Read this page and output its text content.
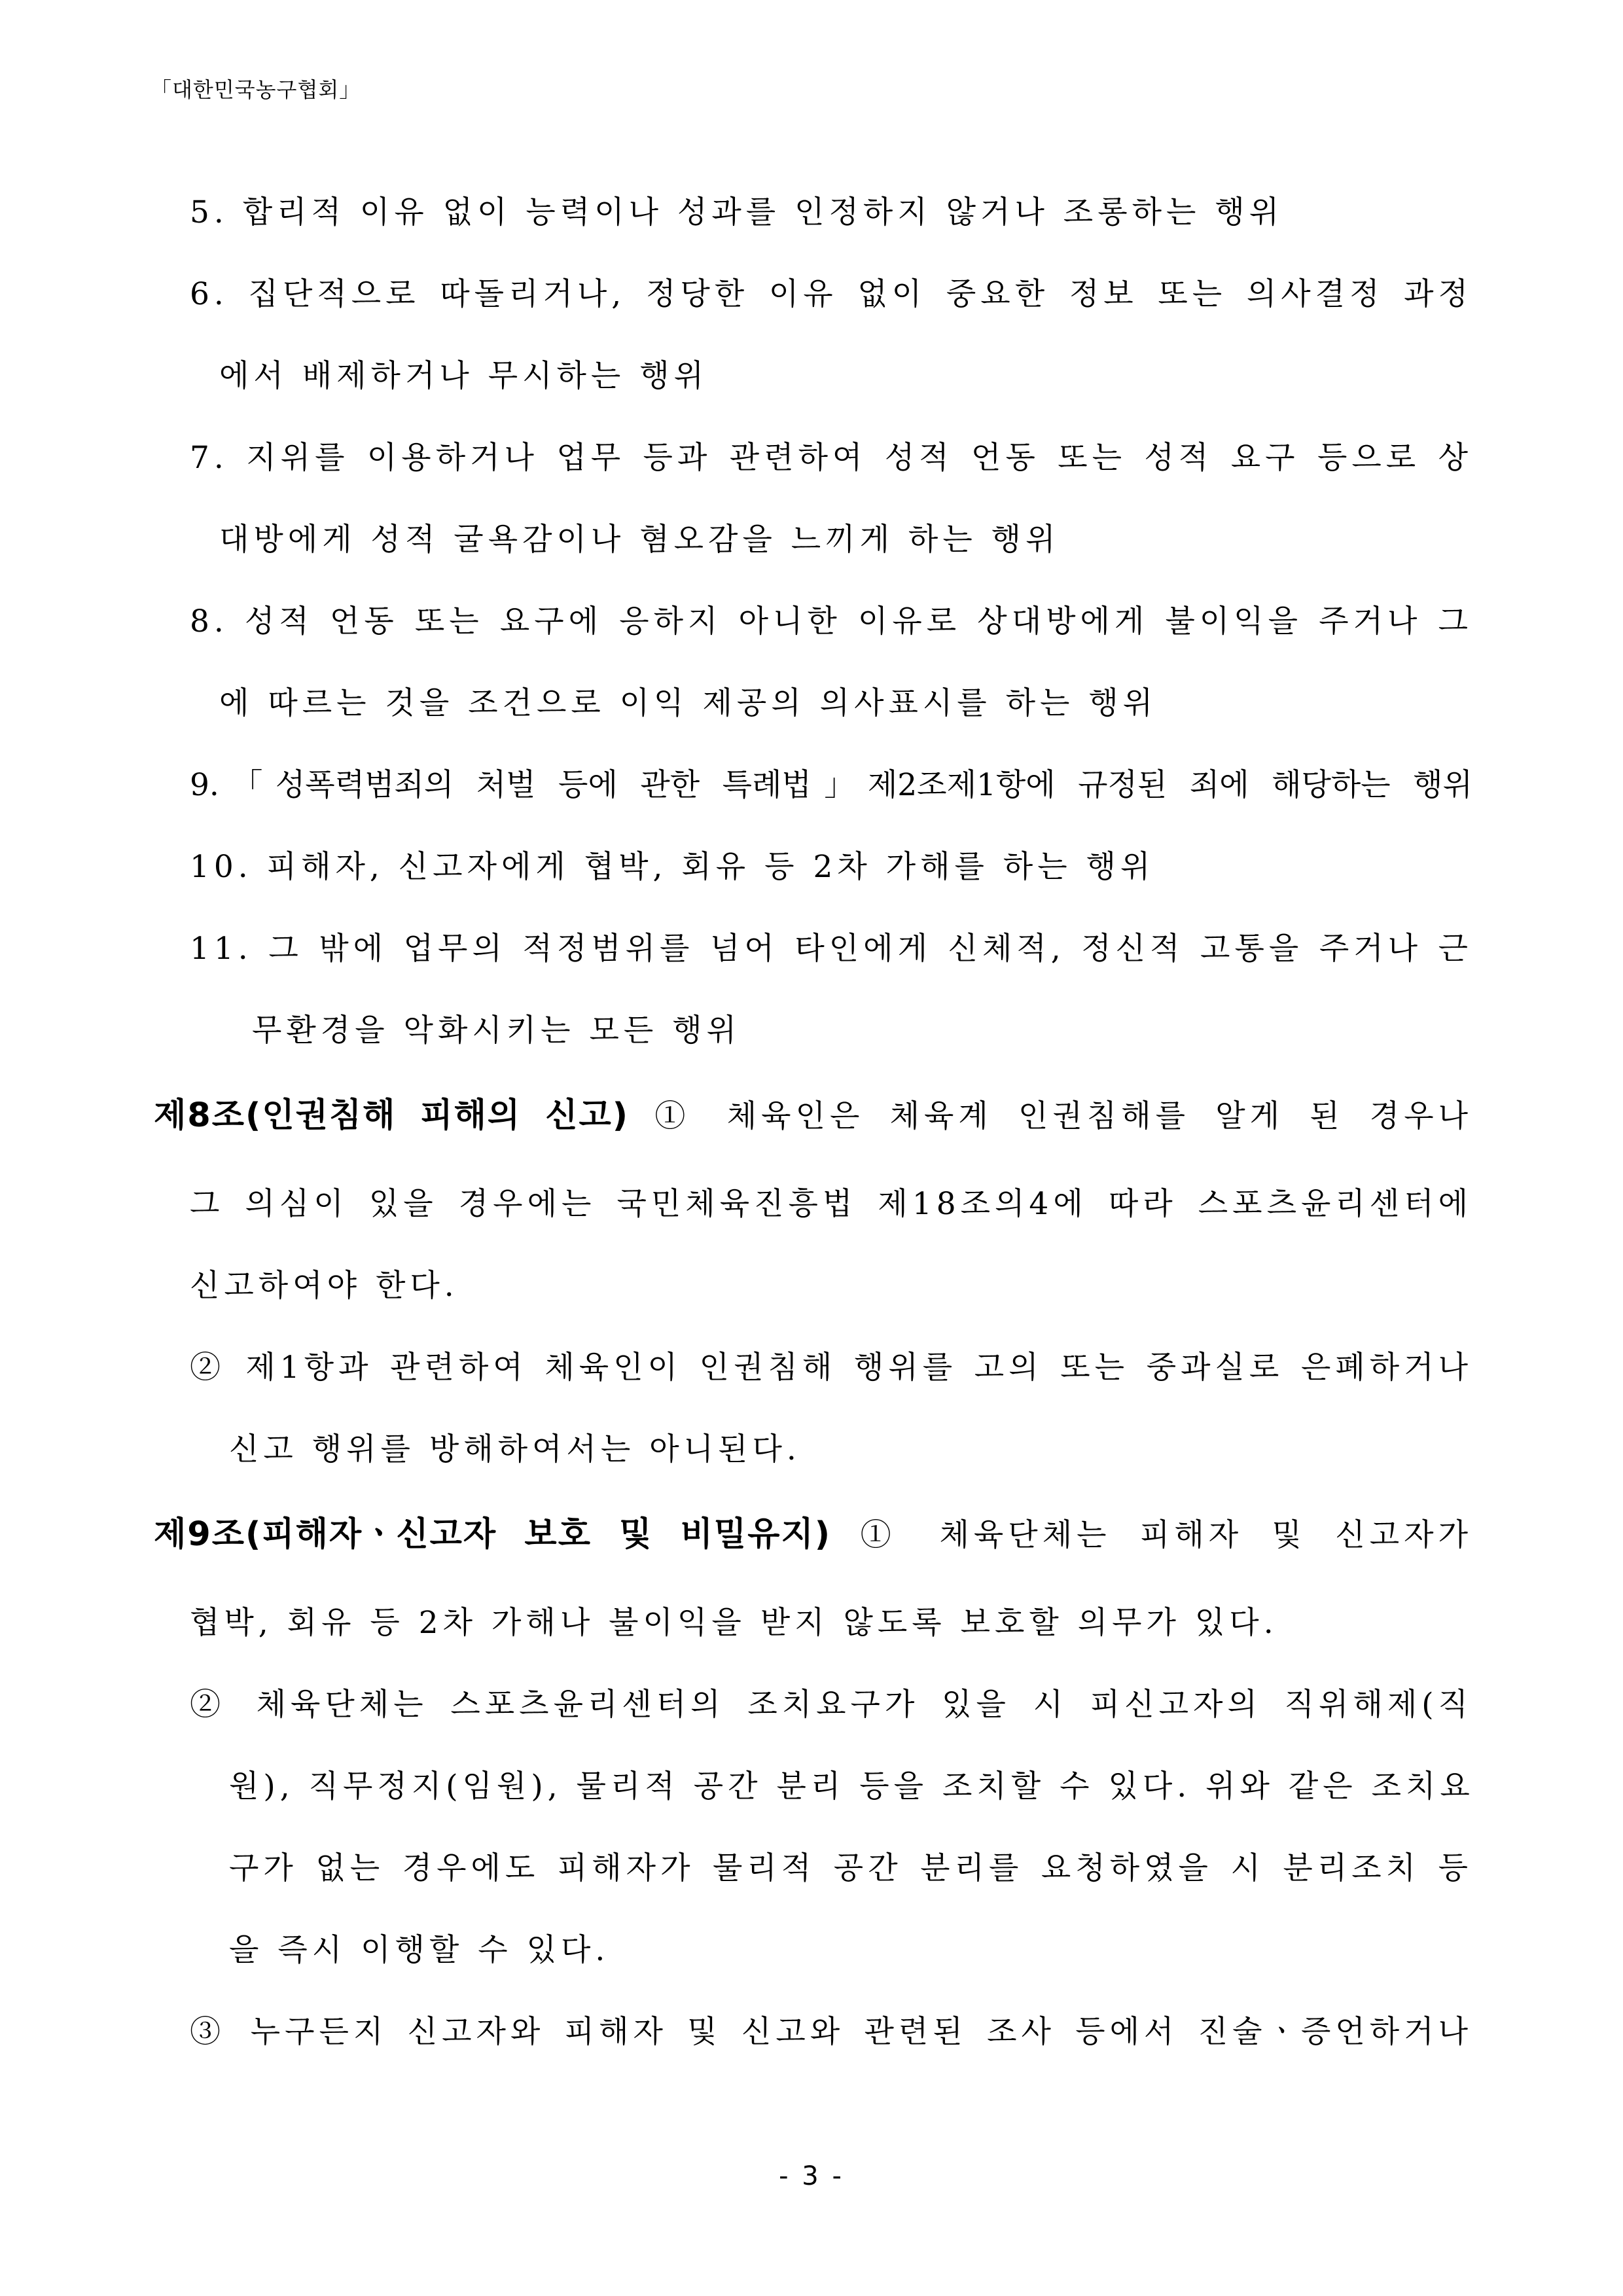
「대한민국농구협회」
5. 합리적 이유 없이 능력이나 성과를 인정하지 않거나 조롱하는 행위
6. 집단적으로 따돌리거나, 정당한 이유 없이 중요한 정보 또는 의사결정 과정
에서 배제하거나 무시하는 행위
7. 지위를 이용하거나 업무 등과 관련하여 성적 언동 또는 성적 요구 등으로 상
대방에게 성적 굴욕감이나 혐오감을 느끼게 하는 행위
8. 성적 언동 또는 요구에 응하지 아니한 이유로 상대방에게 불이익을 주거나 그
에 따르는 것을 조건으로 이익 제공의 의사표시를 하는 행위
9.「성폭력범죄의 처벌 등에 관한 특례법」제2조제1항에 규정된 죄에 해당하는 행위
10. 피해자, 신고자에게 협박, 회유 등 2차 가해를 하는 행위
11. 그 밖에 업무의 적정범위를 넘어 타인에게 신체적, 정신적 고통을 주거나 근
무환경을 악화시키는 모든 행위
제8조(인권침해 피해의 신고) ① 체육인은 체육계 인권침해를 알게 된 경우나
그 의심이 있을 경우에는 국민체육진흥법 제18조의4에 따라 스포츠윤리센터에
신고하여야 한다.
② 제1항과 관련하여 체육인이 인권침해 행위를 고의 또는 중과실로 은폐하거나
신고 행위를 방해하여서는 아니된다.
제9조(피해자ㆍ신고자 보호 및 비밀유지) ① 체육단체는 피해자 및 신고자가
협박, 회유 등 2차 가해나 불이익을 받지 않도록 보호할 의무가 있다.
② 체육단체는 스포츠윤리센터의 조치요구가 있을 시 피신고자의 직위해제(직
원), 직무정지(임원), 물리적 공간 분리 등을 조치할 수 있다. 위와 같은 조치요
구가 없는 경우에도 피해자가 물리적 공간 분리를 요청하였을 시 분리조치 등
을 즉시 이행할 수 있다.
③ 누구든지 신고자와 피해자 및 신고와 관련된 조사 등에서 진술ㆍ증언하거나
- 3 -
